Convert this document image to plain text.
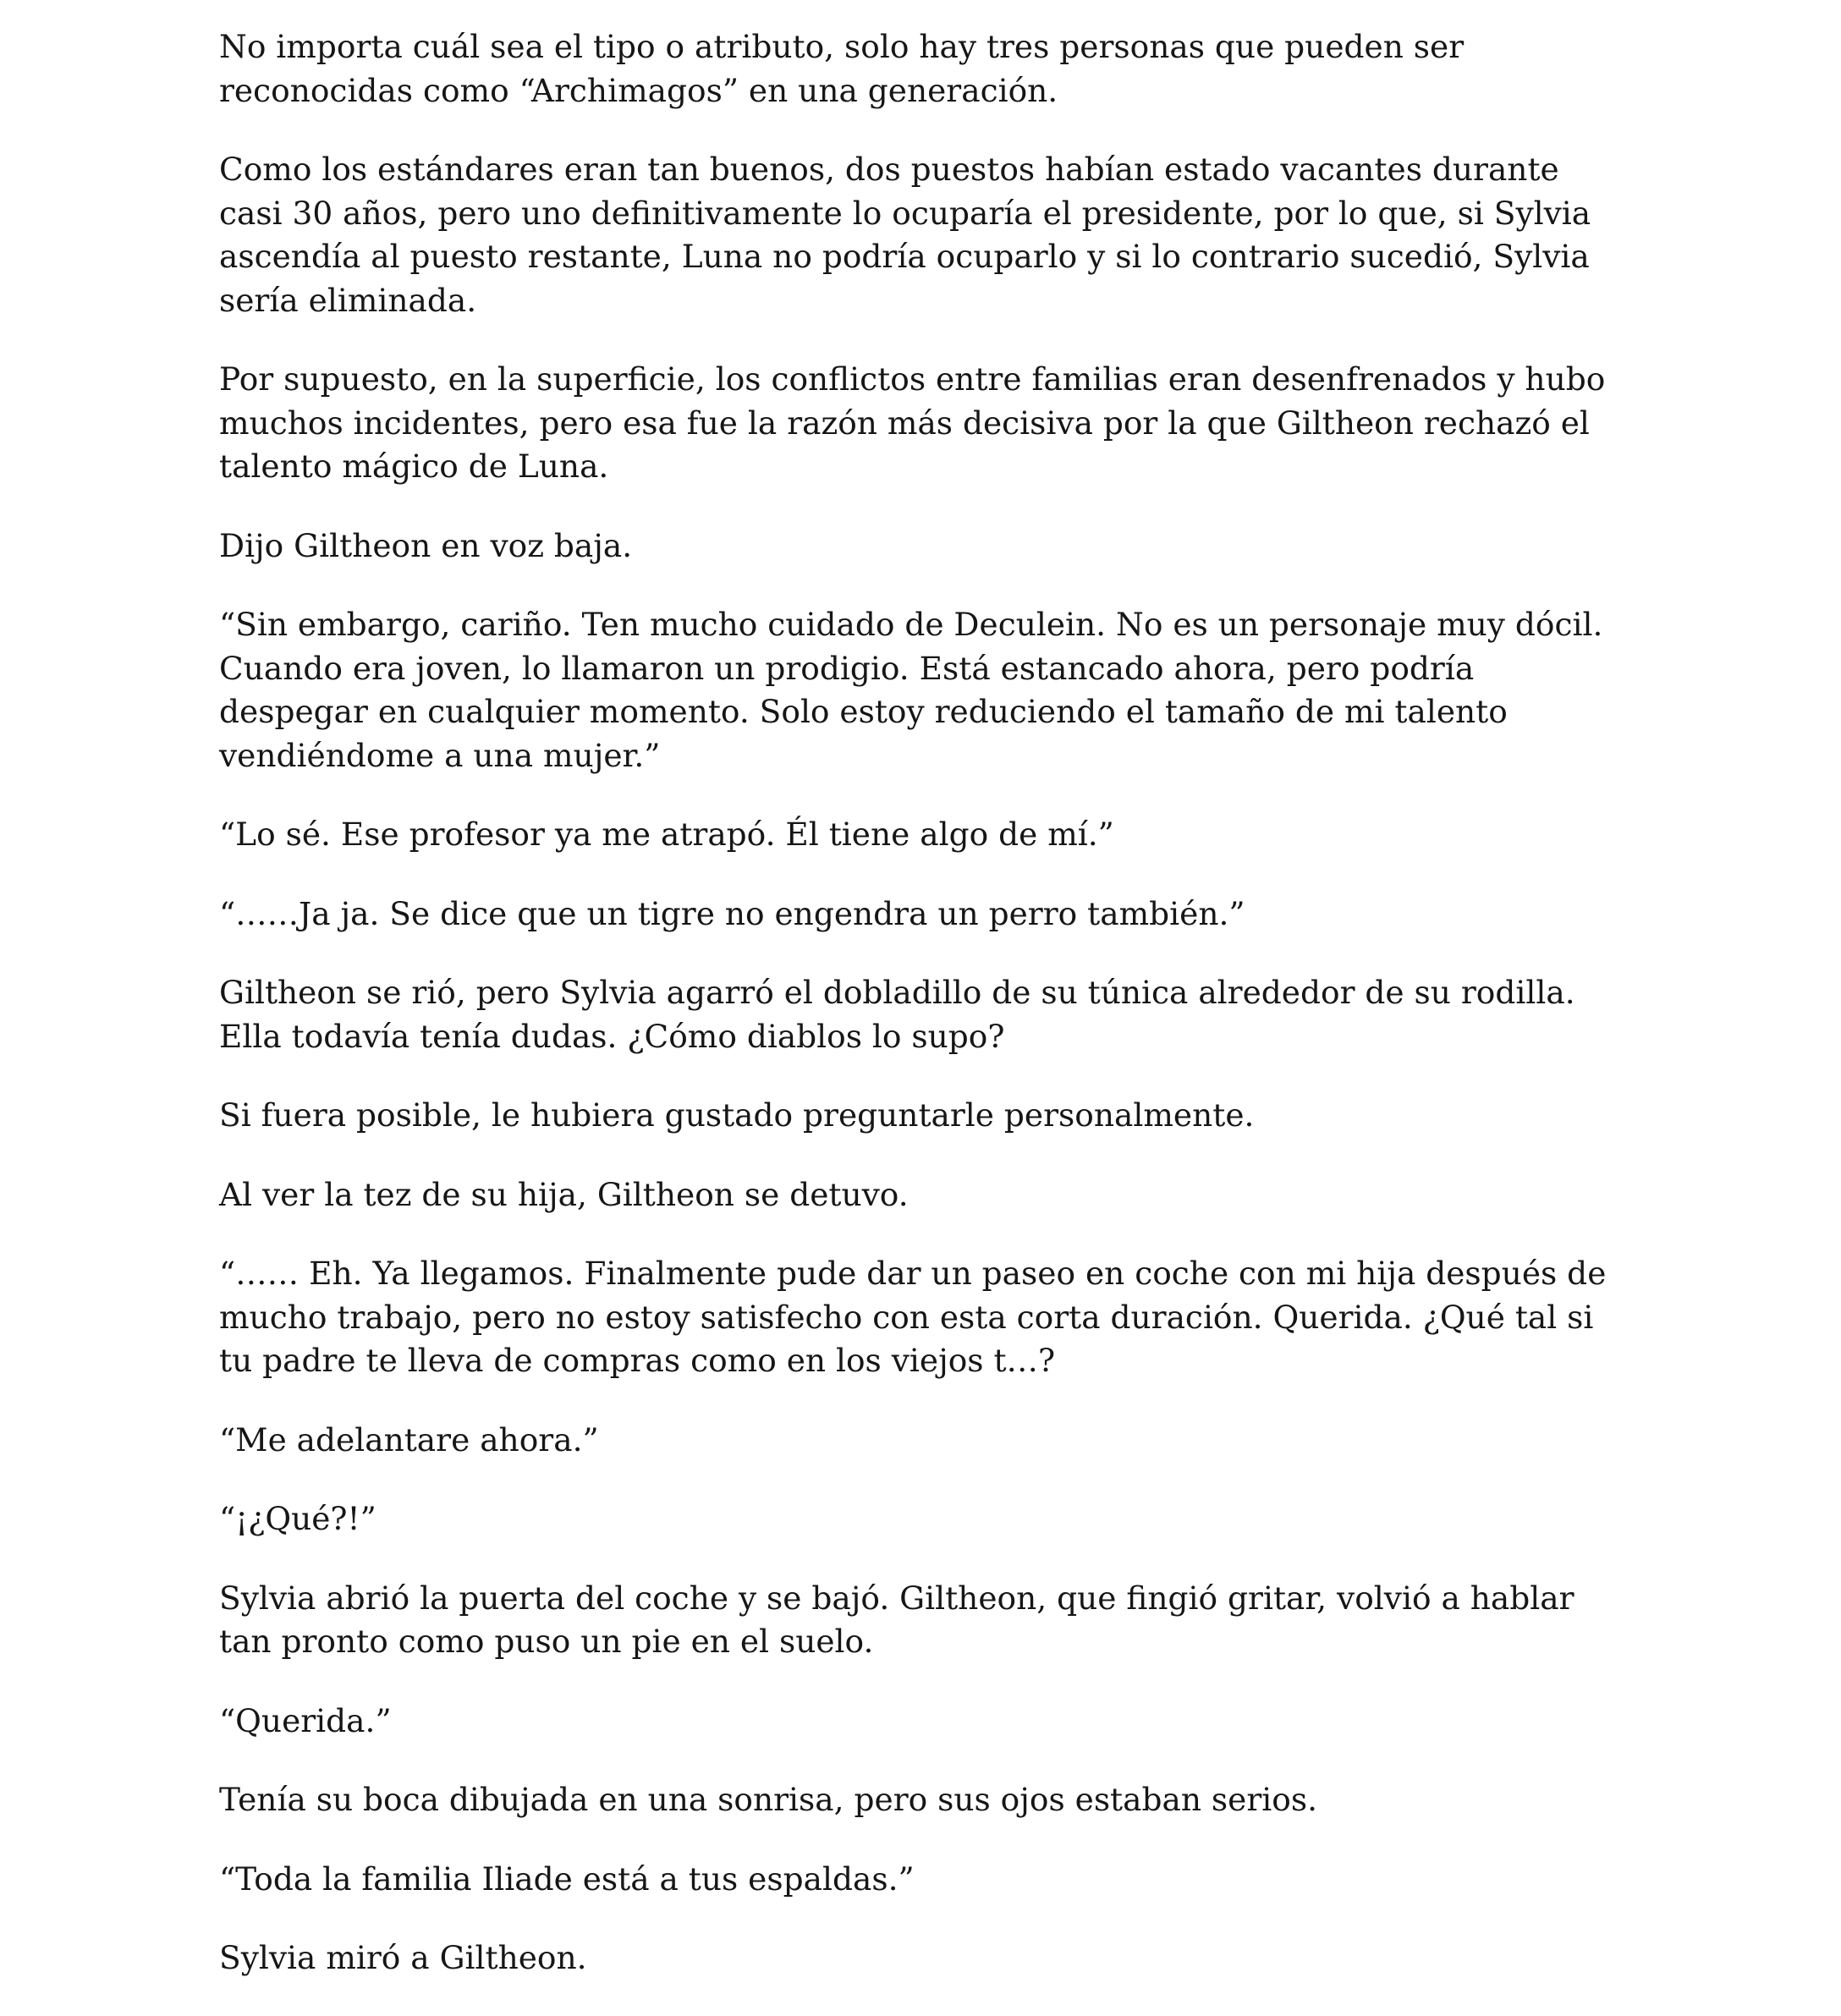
No importa cuál sea el tipo o atributo, solo hay tres personas que pueden ser reconocidas como “Archimagos” en una generación.

Como los estándares eran tan buenos, dos puestos habían estado vacantes durante casi 30 años, pero uno definitivamente lo ocuparía el presidente, por lo que, si Sylvia ascendía al puesto restante, Luna no podría ocuparlo y si lo contrario sucedió, Sylvia sería eliminada.

Por supuesto, en la superficie, los conflictos entre familias eran desenfrenados y hubo muchos incidentes, pero esa fue la razón más decisiva por la que Giltheon rechazó el talento mágico de Luna.

Dijo Giltheon en voz baja.

“Sin embargo, cariño. Ten mucho cuidado de Deculein. No es un personaje muy dócil. Cuando era joven, lo llamaron un prodigio. Está estancado ahora, pero podría despegar en cualquier momento. Solo estoy reduciendo el tamaño de mi talento vendiéndome a una mujer.”

“Lo sé. Ese profesor ya me atrapó. Él tiene algo de mí.”

“……Ja ja. Se dice que un tigre no engendra un perro también.”

Giltheon se rió, pero Sylvia agarró el dobladillo de su túnica alrededor de su rodilla. Ella todavía tenía dudas. ¿Cómo diablos lo supo?

Si fuera posible, le hubiera gustado preguntarle personalmente.

Al ver la tez de su hija, Giltheon se detuvo.

“…… Eh. Ya llegamos. Finalmente pude dar un paseo en coche con mi hija después de mucho trabajo, pero no estoy satisfecho con esta corta duración. Querida. ¿Qué tal si tu padre te lleva de compras como en los viejos t…?

“Me adelantare ahora.”

“¡¿Qué?!”

Sylvia abrió la puerta del coche y se bajó. Giltheon, que fingió gritar, volvió a hablar tan pronto como puso un pie en el suelo.

“Querida.”

Tenía su boca dibujada en una sonrisa, pero sus ojos estaban serios.

“Toda la familia Iliade está a tus espaldas.”

Sylvia miró a Giltheon.
